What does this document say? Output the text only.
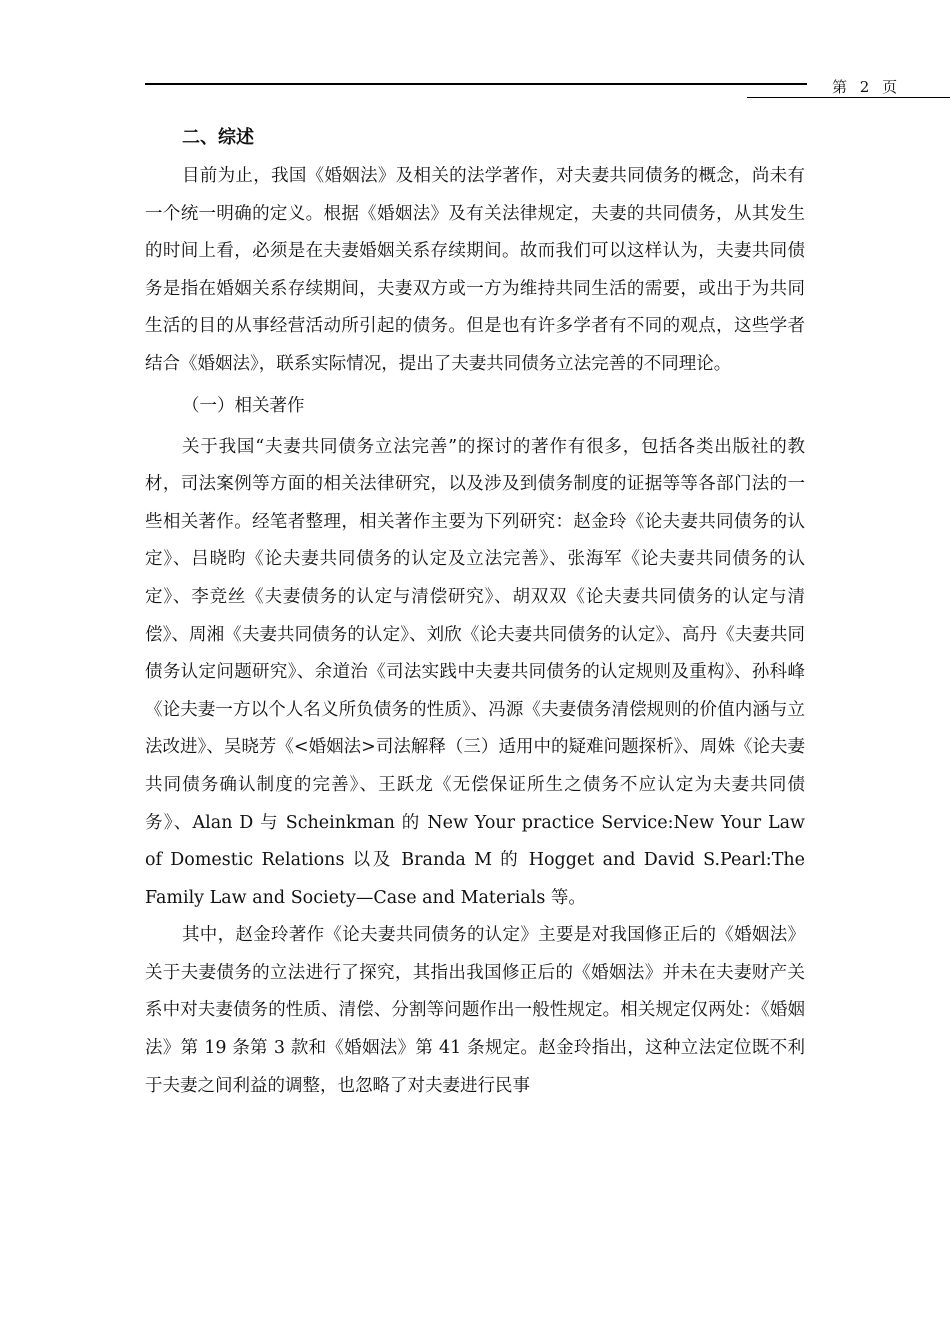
第 2 页

二、综述

目前为止，我国《婚姻法》及相关的法学著作，对夫妻共同债务的概念，尚未有一个统一明确的定义。根据《婚姻法》及有关法律规定，夫妻的共同债务，从其发生的时间上看，必须是在夫妻婚姻关系存续期间。故而我们可以这样认为，夫妻共同债务是指在婚姻关系存续期间，夫妻双方或一方为维持共同生活的需要，或出于为共同生活的目的从事经营活动所引起的债务。但是也有许多学者有不同的观点，这些学者结合《婚姻法》，联系实际情况，提出了夫妻共同债务立法完善的不同理论。

（一）相关著作

关于我国“夫妻共同债务立法完善”的探讨的著作有很多，包括各类出版社的教材，司法案例等方面的相关法律研究，以及涉及到债务制度的证据等等各部门法的一些相关著作。经笔者整理，相关著作主要为下列研究：赵金玲《论夫妻共同债务的认定》、吕晓昀《论夫妻共同债务的认定及立法完善》、张海军《论夫妻共同债务的认定》、李竞丝《夫妻债务的认定与清偿研究》、胡双双《论夫妻共同债务的认定与清偿》、周湘《夫妻共同债务的认定》、刘欣《论夫妻共同债务的认定》、高丹《夫妻共同债务认定问题研究》、余道治《司法实践中夫妻共同债务的认定规则及重构》、孙科峰《论夫妻一方以个人名义所负债务的性质》、冯源《夫妻债务清偿规则的价值内涵与立法改进》、吴晓芳《<婚姻法>司法解释（三）适用中的疑难问题探析》、周姝《论夫妻共同债务确认制度的完善》、王跃龙《无偿保证所生之债务不应认定为夫妻共同债务》、Alan D 与 Scheinkman 的 New Your practice Service:New Your Law of Domestic Relations 以及 Branda M 的 Hogget and David S.Pearl:The Family Law and Society—Case and Materials 等。

其中，赵金玲著作《论夫妻共同债务的认定》主要是对我国修正后的《婚姻法》关于夫妻债务的立法进行了探究，其指出我国修正后的《婚姻法》并未在夫妻财产关系中对夫妻债务的性质、清偿、分割等问题作出一般性规定。相关规定仅两处：《婚姻法》第 19 条第 3 款和《婚姻法》第 41 条规定。赵金玲指出，这种立法定位既不利于夫妻之间利益的调整，也忽略了对夫妻进行民事
